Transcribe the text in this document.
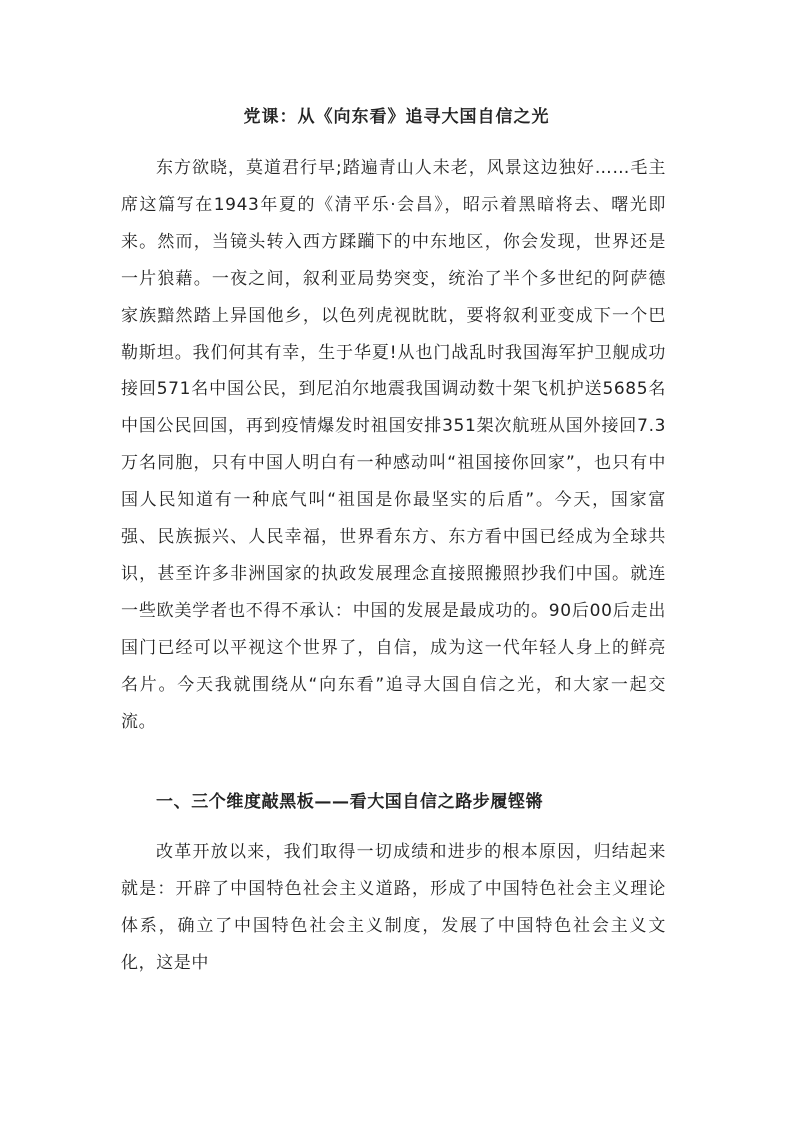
党课：从《向东看》追寻大国自信之光

东方欲晓，莫道君行早;踏遍青山人未老，风景这边独好……毛主席这篇写在1943年夏的《清平乐·会昌》，昭示着黑暗将去、曙光即来。然而，当镜头转入西方蹂躏下的中东地区，你会发现，世界还是一片狼藉。一夜之间，叙利亚局势突变，统治了半个多世纪的阿萨德家族黯然踏上异国他乡，以色列虎视眈眈，要将叙利亚变成下一个巴勒斯坦。我们何其有幸，生于华夏!从也门战乱时我国海军护卫舰成功接回571名中国公民，到尼泊尔地震我国调动数十架飞机护送5685名中国公民回国，再到疫情爆发时祖国安排351架次航班从国外接回7.3万名同胞，只有中国人明白有一种感动叫“祖国接你回家”，也只有中国人民知道有一种底气叫“祖国是你最坚实的后盾”。今天，国家富强、民族振兴、人民幸福，世界看东方、东方看中国已经成为全球共识，甚至许多非洲国家的执政发展理念直接照搬照抄我们中国。就连一些欧美学者也不得不承认：中国的发展是最成功的。90后00后走出国门已经可以平视这个世界了，自信，成为这一代年轻人身上的鲜亮名片。今天我就围绕从“向东看”追寻大国自信之光，和大家一起交流。

一、三个维度敲黑板——看大国自信之路步履铿锵

改革开放以来，我们取得一切成绩和进步的根本原因，归结起来就是：开辟了中国特色社会主义道路，形成了中国特色社会主义理论体系，确立了中国特色社会主义制度，发展了中国特色社会主义文化，这是中
